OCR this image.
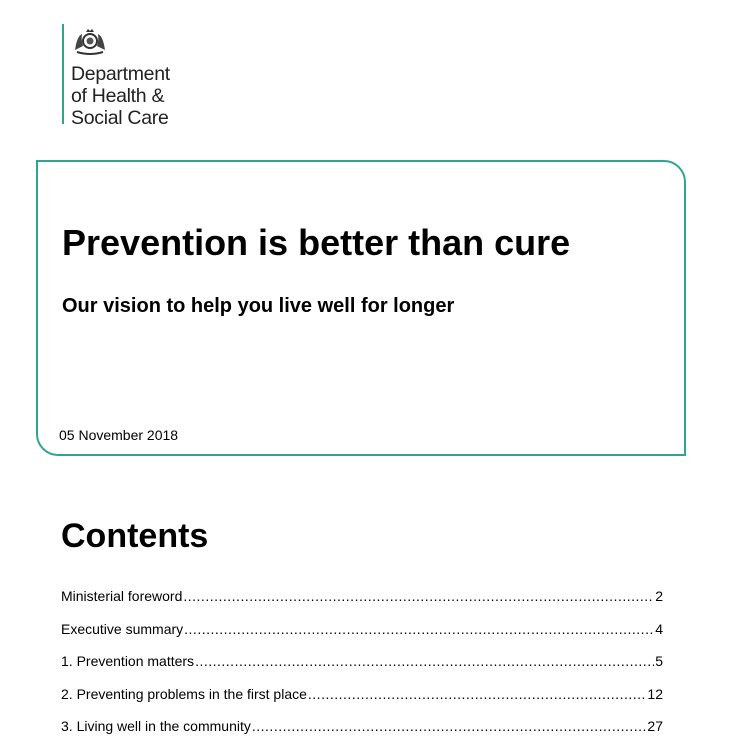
Department
of Health &
Social Care
Prevention is better than cure
Our vision to help you live well for longer
05 November 2018
Contents
Ministerial foreword .....	2
Executive summary .....	4
1. Prevention matters .....	5
2. Preventing problems in the first place .....	12
3. Living well in the community .....	27
